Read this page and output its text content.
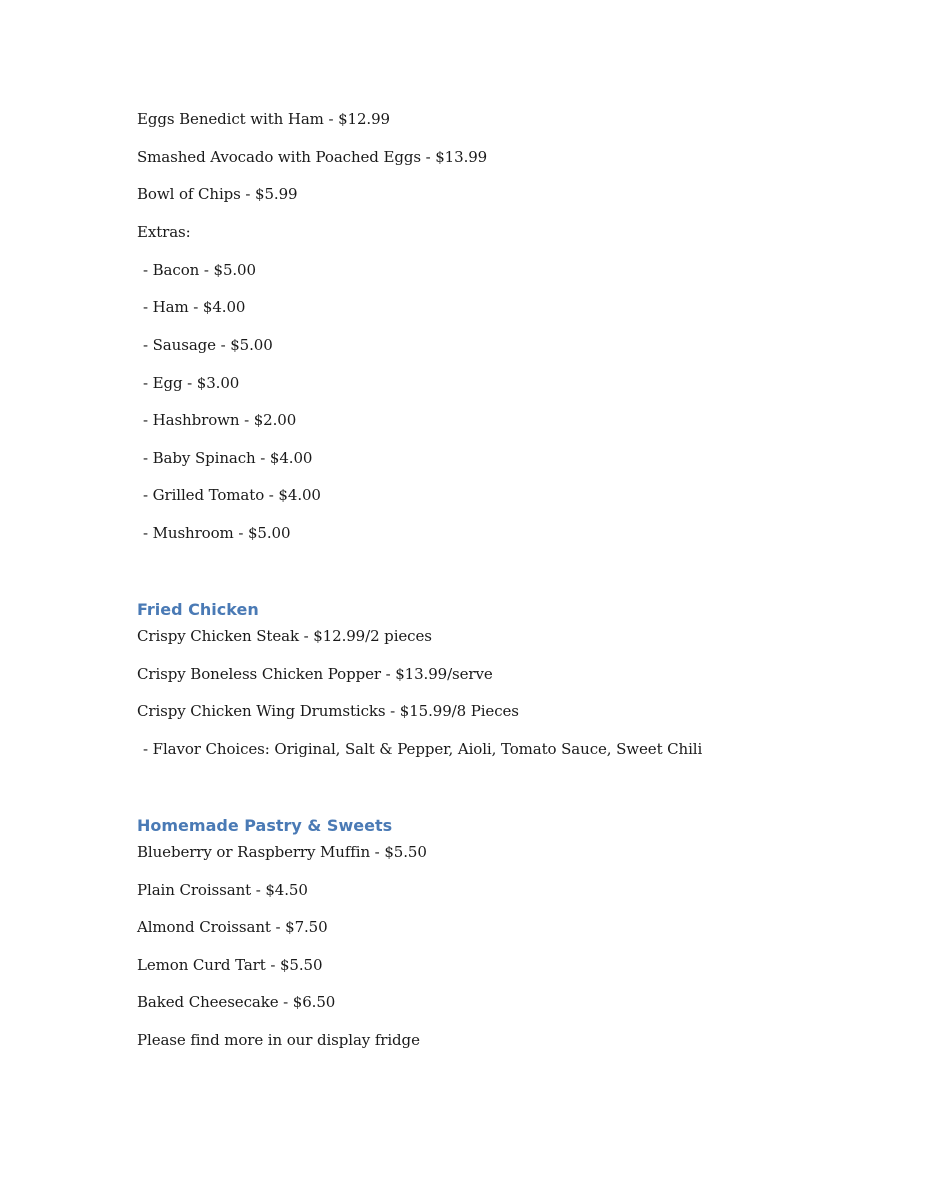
Eggs Benedict with Ham - $12.99
Smashed Avocado with Poached Eggs - $13.99
Bowl of Chips - $5.99
Extras:
- Bacon - $5.00
- Ham - $4.00
- Sausage - $5.00
- Egg - $3.00
- Hashbrown - $2.00
- Baby Spinach - $4.00
- Grilled Tomato - $4.00
- Mushroom - $5.00
Fried Chicken
Crispy Chicken Steak - $12.99/2 pieces
Crispy Boneless Chicken Popper - $13.99/serve
Crispy Chicken Wing Drumsticks - $15.99/8 Pieces
- Flavor Choices: Original, Salt & Pepper, Aioli, Tomato Sauce, Sweet Chili
Homemade Pastry & Sweets
Blueberry or Raspberry Muffin - $5.50
Plain Croissant - $4.50
Almond Croissant - $7.50
Lemon Curd Tart - $5.50
Baked Cheesecake - $6.50
Please find more in our display fridge
